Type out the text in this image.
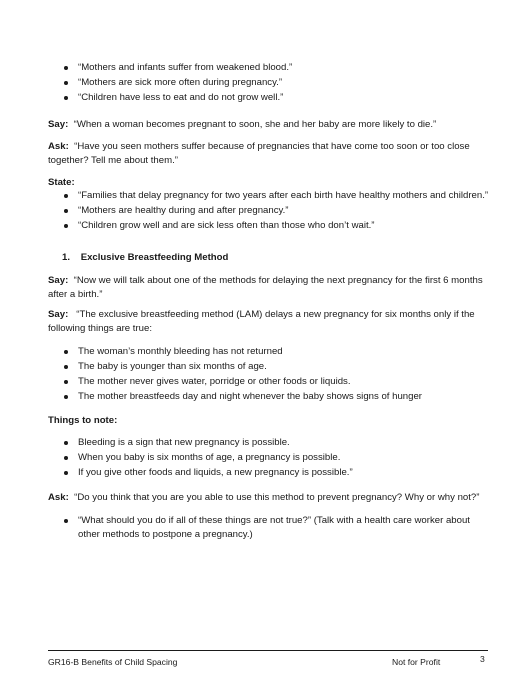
“Mothers and infants suffer from weakened blood.”
“Mothers are sick more often during pregnancy.”
“Children have less to eat and do not grow well.”

Say: “When a woman becomes pregnant to soon, she and her baby are more likely to die.”

Ask: “Have you seen mothers suffer because of pregnancies that have come too soon or too close together? Tell me about them.”

State:

“Families that delay pregnancy for two years after each birth have healthy mothers and children.”
“Mothers are healthy during and after pregnancy.”
“Children grow well and are sick less often than those who don’t wait.”

1. Exclusive Breastfeeding Method

Say: “Now we will talk about one of the methods for delaying the next pregnancy for the first 6 months after a birth.”

Say: “The exclusive breastfeeding method (LAM) delays a new pregnancy for six months only if the following things are true:

The woman’s monthly bleeding has not returned
The baby is younger than six months of age.
The mother never gives water, porridge or other foods or liquids.
The mother breastfeeds day and night whenever the baby shows signs of hunger

Things to note:

Bleeding is a sign that new pregnancy is possible.
When you baby is six months of age, a pregnancy is possible.
If you give other foods and liquids, a new pregnancy is possible.”

Ask: “Do you think that you are you able to use this method to prevent pregnancy? Why or why not?”

“What should you do if all of these things are not true?” (Talk with a health care worker about other methods to postpone a pregnancy.)
GR16-B Benefits of Child Spacing	Not for Profit	3
